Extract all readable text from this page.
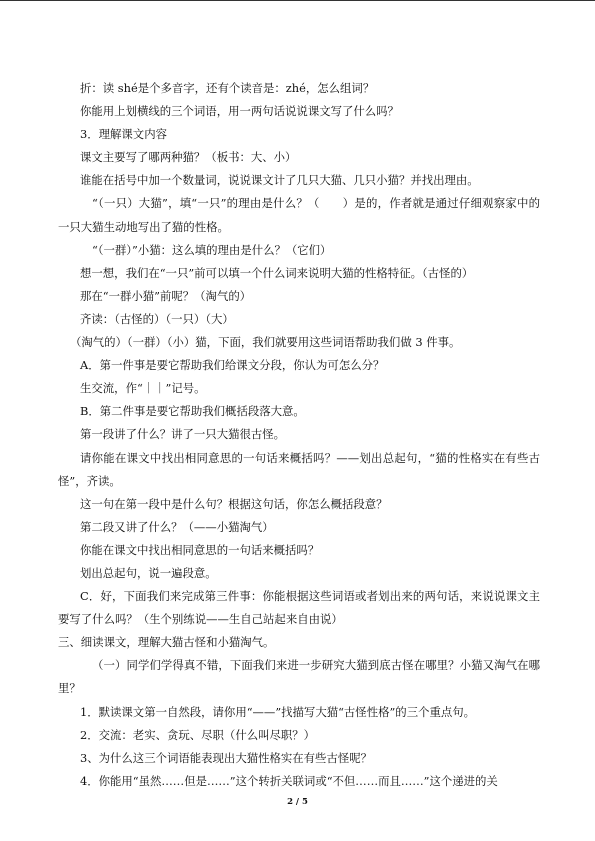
折：读 shé是个多音字，还有个读音是：zhé，怎么组词？

你能用上划横线的三个词语，用一两句话说说课文写了什么吗？

3．理解课文内容

课文主要写了哪两种猫？（板书：大、小）

谁能在括号中加一个数量词，说说课文计了几只大猫、几只小猫？并找出理由。

“（一只）大猫”，填“一只”的理由是什么？（　　）是的，作者就是通过仔细观察家中的一只大猫生动地写出了猫的性格。

“（一群）”小猫：这么填的理由是什么？（它们）

想一想，我们在“一只”前可以填一个什么词来说明大猫的性格特征。（古怪的）

那在“一群小猫”前呢？（淘气的）

齐读：（古怪的）（一只）（大）

（淘气的）（一群）（小）猫，下面，我们就要用这些词语帮助我们做 3 件事。

A．第一件事是要它帮助我们给课文分段，你认为可怎么分？

生交流，作“｜｜”记号。

B．第二件事是要它帮助我们概括段落大意。

第一段讲了什么？讲了一只大猫很古怪。

请你能在课文中找出相同意思的一句话来概括吗？——划出总起句，“猫的性格实在有些古怪”，齐读。

这一句在第一段中是什么句？根据这句话，你怎么概括段意？

第二段又讲了什么？（——小猫淘气）

你能在课文中找出相同意思的一句话来概括吗？

划出总起句，说一遍段意。

C．好，下面我们来完成第三件事：你能根据这些词语或者划出来的两句话，来说说课文主要写了什么吗？（生个别练说——生自己站起来自由说）

三、细读课文，理解大猫古怪和小猫淘气。

（一）同学们学得真不错，下面我们来进一步研究大猫到底古怪在哪里？小猫又淘气在哪里？

1．默读课文第一自然段，请你用“——”找描写大猫“古怪性格”的三个重点句。

2．交流：老实、贪玩、尽职（什么叫尽职？）

3、为什么这三个词语能表现出大猫性格实在有些古怪呢？

4．你能用“虽然……但是……”这个转折关联词或“不但……而且……”这个递进的关

2 / 5
